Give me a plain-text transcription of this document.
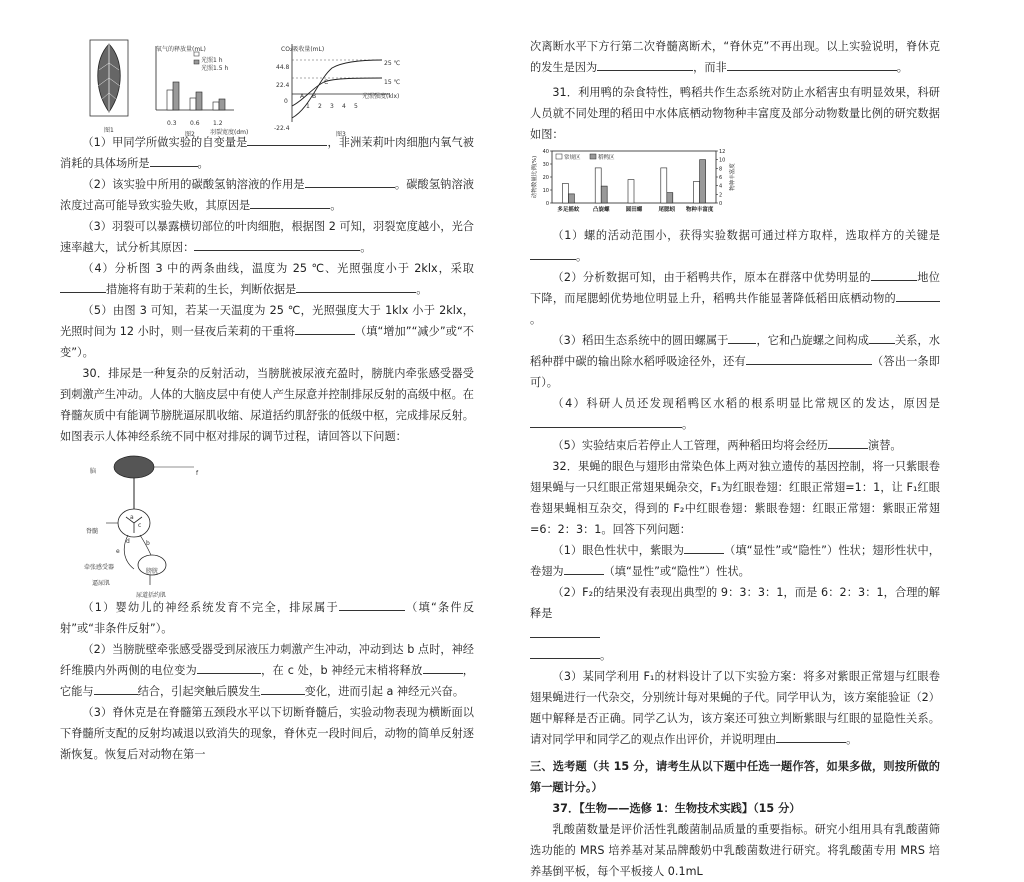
图1
氧气的释放量(mL)
光照1 h
光照1.5 h
0.3 0.6 1.2
羽裂宽度(dm)
图2
CO₂吸收量(mL)
44.8
22.4
0
-22.4
25 ℃
15 ℃
A B
C
1 2 3 4 5
光照强度(klx)
图3

（1）甲同学所做实验的自变量是	，非洲茉莉叶肉细胞内氧气被消耗的具体场所是	。

（2）该实验中所用的碳酸氢钠溶液的作用是	。碳酸氢钠溶液浓度过高可能导致实验失败，其原因是	。

（3）羽裂可以暴露横切部位的叶肉细胞，根据图 2 可知，羽裂宽度越小，光合速率越大，试分析其原因：	。

（4）分析图 3 中的两条曲线，温度为 25 ℃、光照强度小于 2klx，采取措施将有助于茉莉的生长，判断依据是	。

（5）由图 3 可知，若某一天温度为 25 ℃，光照强度大于 1klx 小于 2klx，光照时间为 12 小时，则一昼夜后茉莉的干重将	（填“增加”“减少”或“不变”）。

30．排尿是一种复杂的反射活动，当膀胱被尿液充盈时，膀胱内牵张感受器受到刺激产生冲动。人体的大脑皮层中有使人产生尿意并控制排尿反射的高级中枢。在脊髓灰质中有能调节膀胱逼尿肌收缩、尿道括约肌舒张的低级中枢，完成排尿反射。如图表示人体神经系统不同中枢对排尿的调节过程，请回答以下问题：

脑
脊髓
牵张感受器
膀胱
逼尿肌
尿道括约肌
a
b
c
d
e
f

（1）婴幼儿的神经系统发育不完全，排尿属于	（填“条件反射”或“非条件反射”）。

（2）当膀胱壁牵张感受器受到尿液压力刺激产生冲动，冲动到达 b 点时，神经纤维膜内外两侧的电位变为	，在 c 处，b 神经元末梢将释放	，它能与	结合，引起突触后膜发生	变化，进而引起 a 神经元兴奋。

（3）脊休克是在脊髓第五颈段水平以下切断脊髓后，实验动物表现为横断面以下脊髓所支配的反射均减退以致消失的现象，脊休克一段时间后，动物的简单反射逐渐恢复。恢复后对动物在第一

次离断水平下方行第二次脊髓离断术，“脊休克”不再出现。以上实验说明，脊休克的发生是因为	，而非	。

31．利用鸭的杂食特性，鸭稻共作生态系统对防止水稻害虫有明显效果，科研人员就不同处理的稻田中水体底栖动物物种丰富度及部分动物数量比例的研究数据如图：

0
10
20
30
40
0
2
4
6
8
10
12
动物数量比例(%)	物种丰富度
多足摇蚊 凸旋螺	圆田螺	尾腮蚓 物种丰富度
常规区	稻鸭区

（1）螺的活动范围小，获得实验数据可通过样方取样，选取样方的关键是。

（2）分析数据可知，由于稻鸭共作，原本在群落中优势明显的	地位下降，而尾腮蚓优势地位明显上升，稻鸭共作能显著降低稻田底栖动物的。

（3）稻田生态系统中的圆田螺属于	，它和凸旋螺之间构成 关系，水稻种群中碳的输出除水稻呼吸途径外，还有	（答出一条即可）。

（4）科研人员还发现稻鸭区水稻的根系明显比常规区的发达，原因是。

（5）实验结束后若停止人工管理，两种稻田均将会经历	演替。

32．果蝇的眼色与翅形由常染色体上两对独立遗传的基因控制，将一只紫眼卷翅果蝇与一只红眼正常翅果蝇杂交，F₁为红眼卷翅：红眼正常翅=1：1，让 F₁红眼卷翅果蝇相互杂交，得到的 F₂中红眼卷翅：紫眼卷翅：红眼正常翅：紫眼正常翅=6：2：3：1。回答下列问题：

（1）眼色性状中，紫眼为	（填“显性”或“隐性”）性状；翅形性状中，卷翅为	（填“显性”或“隐性”）性状。

（2）F₂的结果没有表现出典型的 9：3：3：1，而是 6：2：3：1，合理的解释是

。

（3）某同学利用 F₁的材料设计了以下实验方案：将多对紫眼正常翅与红眼卷翅果蝇进行一代杂交，分别统计每对果蝇的子代。同学甲认为，该方案能验证（2）题中解释是否正确。同学乙认为，该方案还可独立判断紫眼与红眼的显隐性关系。请对同学甲和同学乙的观点作出评价，并说明理由	。

三、选考题（共 15 分，请考生从以下题中任选一题作答，如果多做，则按所做的第一题计分。）

37．【生物——选修 1：生物技术实践】（15 分）

乳酸菌数量是评价活性乳酸菌制品质量的重要指标。研究小组用具有乳酸菌筛选功能的 MRS 培养基对某品牌酸奶中乳酸菌数进行研究。将乳酸菌专用 MRS 培养基倒平板，每个平板接人 0.1mL
